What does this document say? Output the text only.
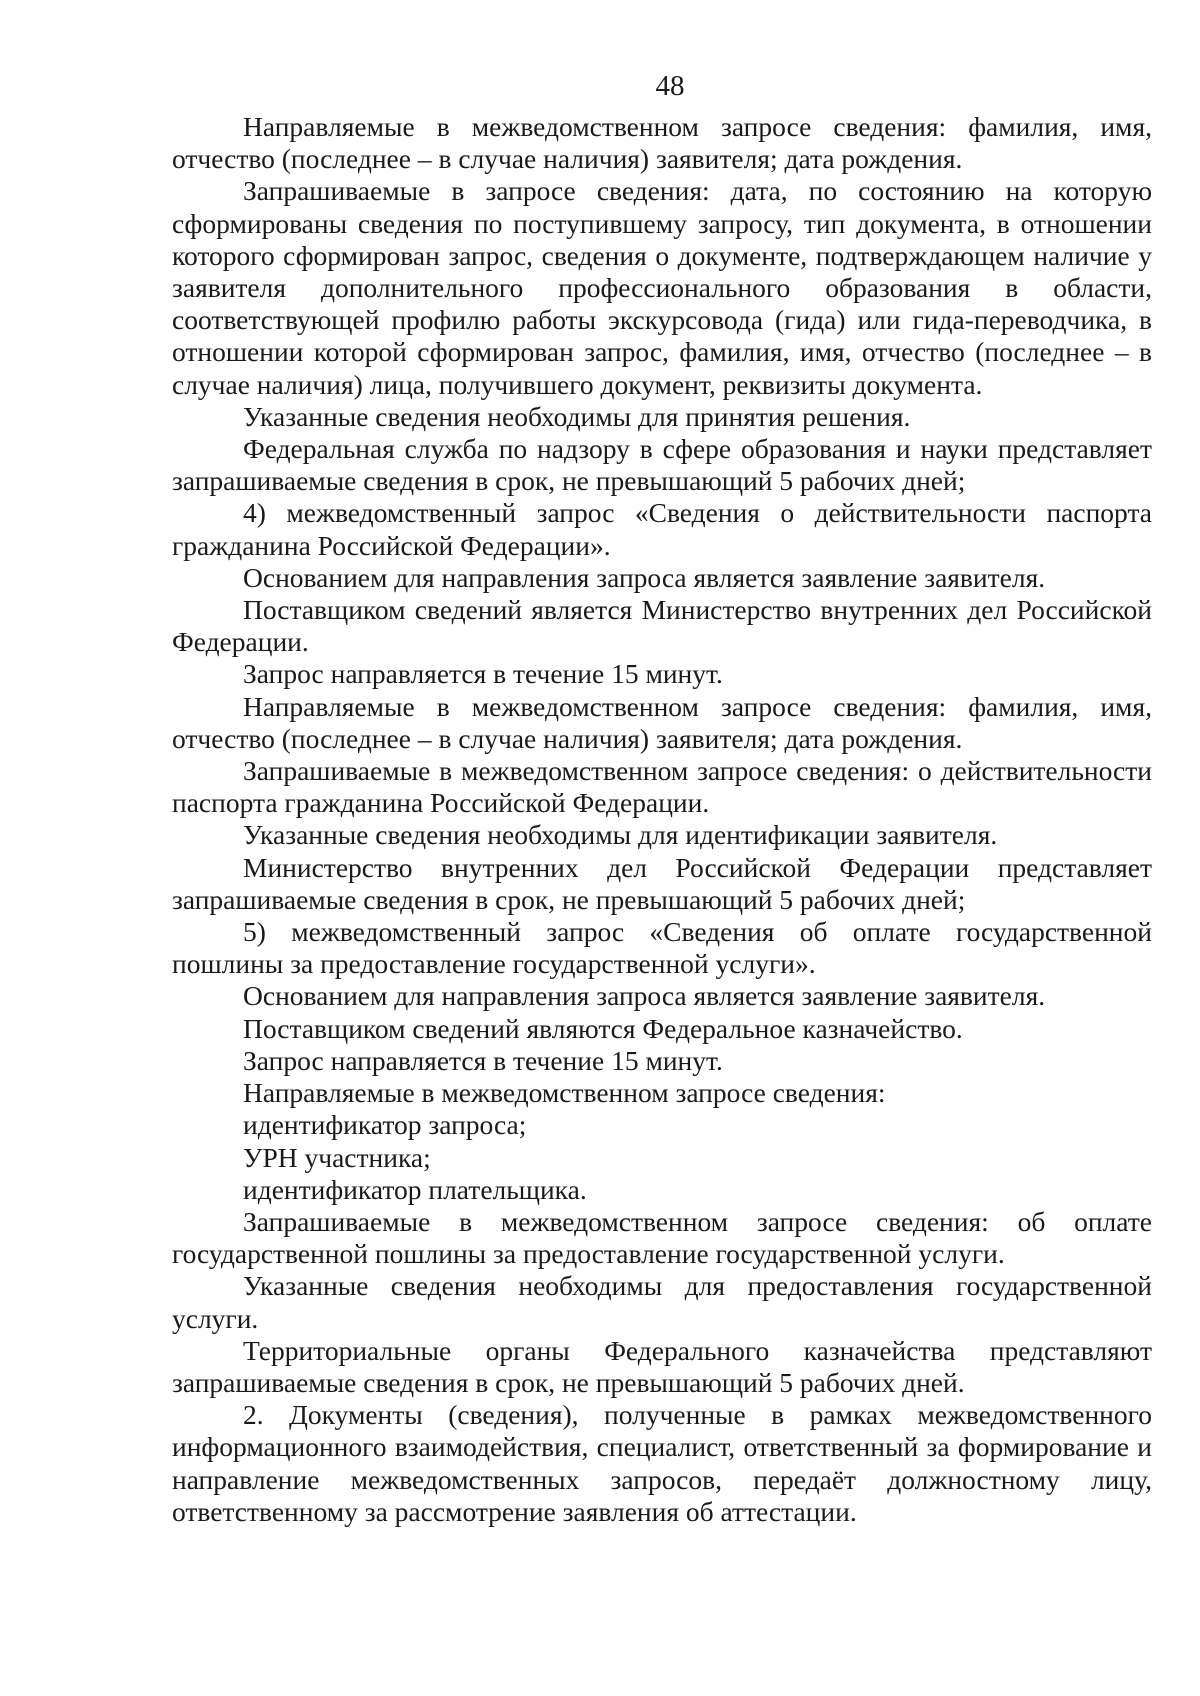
48

Направляемые в межведомственном запросе сведения: фамилия, имя, отчество (последнее – в случае наличия) заявителя; дата рождения.

Запрашиваемые в запросе сведения: дата, по состоянию на которую сформированы сведения по поступившему запросу, тип документа, в отношении которого сформирован запрос, сведения о документе, подтверждающем наличие у заявителя дополнительного профессионального образования в области, соответствующей профилю работы экскурсовода (гида) или гида-переводчика, в отношении которой сформирован запрос, фамилия, имя, отчество (последнее – в случае наличия) лица, получившего документ, реквизиты документа.

Указанные сведения необходимы для принятия решения.

Федеральная служба по надзору в сфере образования и науки представляет запрашиваемые сведения в срок, не превышающий 5 рабочих дней;

4) межведомственный запрос «Сведения о действительности паспорта гражданина Российской Федерации».

Основанием для направления запроса является заявление заявителя.

Поставщиком сведений является Министерство внутренних дел Российской Федерации.

Запрос направляется в течение 15 минут.

Направляемые в межведомственном запросе сведения: фамилия, имя, отчество (последнее – в случае наличия) заявителя; дата рождения.

Запрашиваемые в межведомственном запросе сведения: о действительности паспорта гражданина Российской Федерации.

Указанные сведения необходимы для идентификации заявителя.

Министерство внутренних дел Российской Федерации представляет запрашиваемые сведения в срок, не превышающий 5 рабочих дней;

5) межведомственный запрос «Сведения об оплате государственной пошлины за предоставление государственной услуги».

Основанием для направления запроса является заявление заявителя.

Поставщиком сведений являются Федеральное казначейство.

Запрос направляется в течение 15 минут.

Направляемые в межведомственном запросе сведения:

идентификатор запроса;

УРН участника;

идентификатор плательщика.

Запрашиваемые в межведомственном запросе сведения: об оплате государственной пошлины за предоставление государственной услуги.

Указанные сведения необходимы для предоставления государственной услуги.

Территориальные органы Федерального казначейства представляют запрашиваемые сведения в срок, не превышающий 5 рабочих дней.

2. Документы (сведения), полученные в рамках межведомственного информационного взаимодействия, специалист, ответственный за формирование и направление межведомственных запросов, передаёт должностному лицу, ответственному за рассмотрение заявления об аттестации.
